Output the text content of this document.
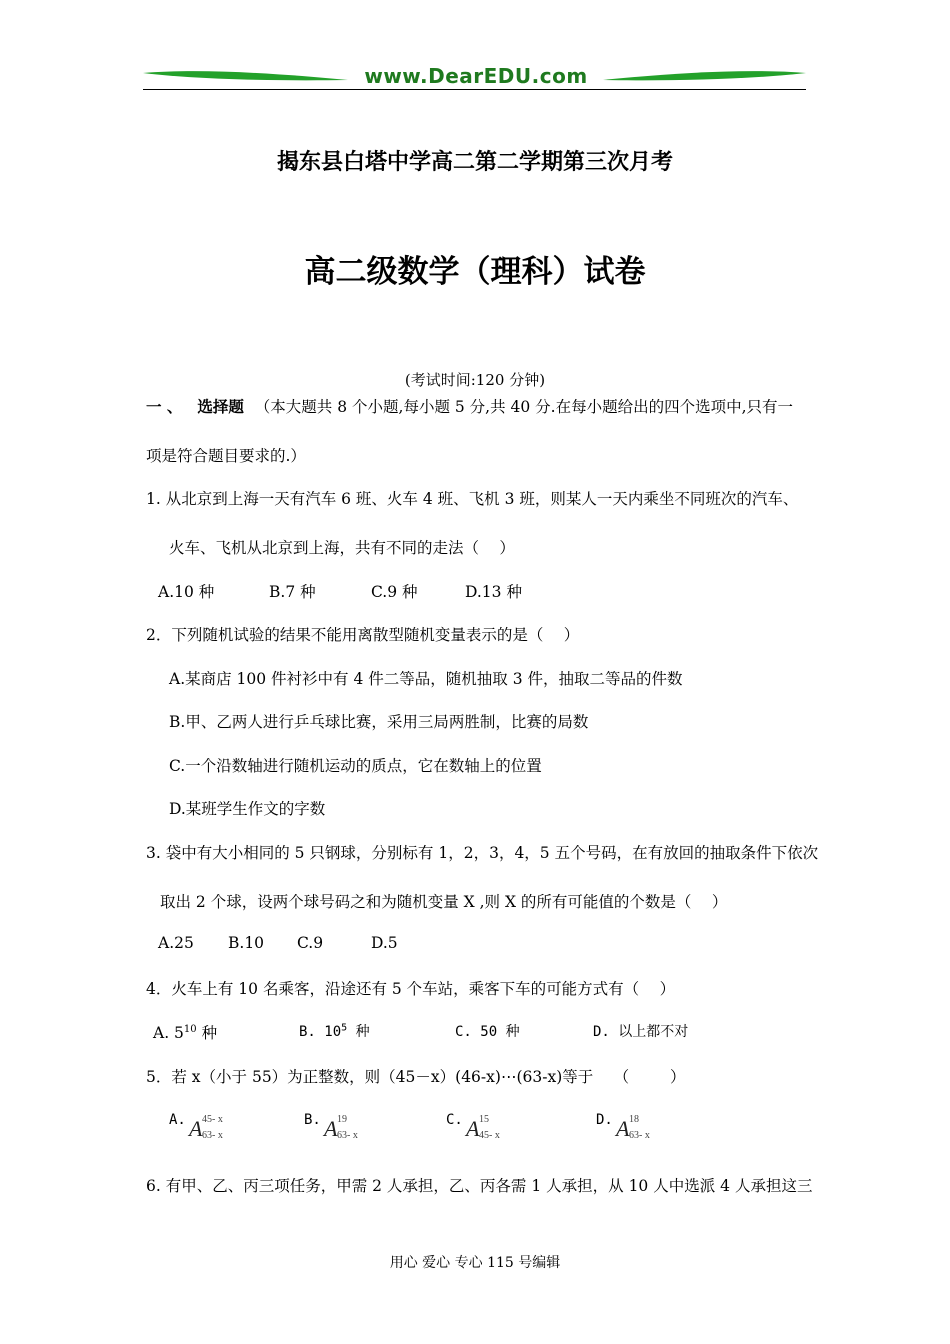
www.DearEDU.com
揭东县白塔中学高二第二学期第三次月考
高二级数学（理科）试卷
(考试时间:120 分钟)
一 、 选择题 （本大题共 8 个小题,每小题 5 分,共 40 分.在每小题给出的四个选项中,只有一
项是符合题目要求的.）
1. 从北京到上海一天有汽车 6 班、火车 4 班、飞机 3 班，则某人一天内乘坐不同班次的汽车、
火车、飞机从北京到上海，共有不同的走法（　 ）
A.10 种	B.7 种	C.9 种	D.13 种
2．下列随机试验的结果不能用离散型随机变量表示的是（　 ）
A.某商店 100 件衬衫中有 4 件二等品，随机抽取 3 件，抽取二等品的件数
B.甲、乙两人进行乒乓球比赛，采用三局两胜制，比赛的局数
C.一个沿数轴进行随机运动的质点，它在数轴上的位置
D.某班学生作文的字数
3. 袋中有大小相同的 5 只钢球，分别标有 1，2，3，4，5 五个号码，在有放回的抽取条件下依次
取出 2 个球，设两个球号码之和为随机变量 X ,则 X 的所有可能值的个数是（　 ）
A.25 B.10 C.9	D.5
4．火车上有 10 名乘客，沿途还有 5 个车站，乘客下车的可能方式有（　 ）
A. $5^{10}$ 种	B. $10^5$ 种	C. 50 种	D. 以上都不对
5．若 x（小于 55）为正整数，则（45－x）(46-x)⋯(63-x)等于　 （　 　 ）
A. A 45- x
63- x
B. A 19
63- x
C. A 15
45- x
D. A 18
63- x
6. 有甲、乙、丙三项任务，甲需 2 人承担，乙、丙各需 1 人承担，从 10 人中选派 4 人承担这三
用心 爱心 专心 115 号编辑
